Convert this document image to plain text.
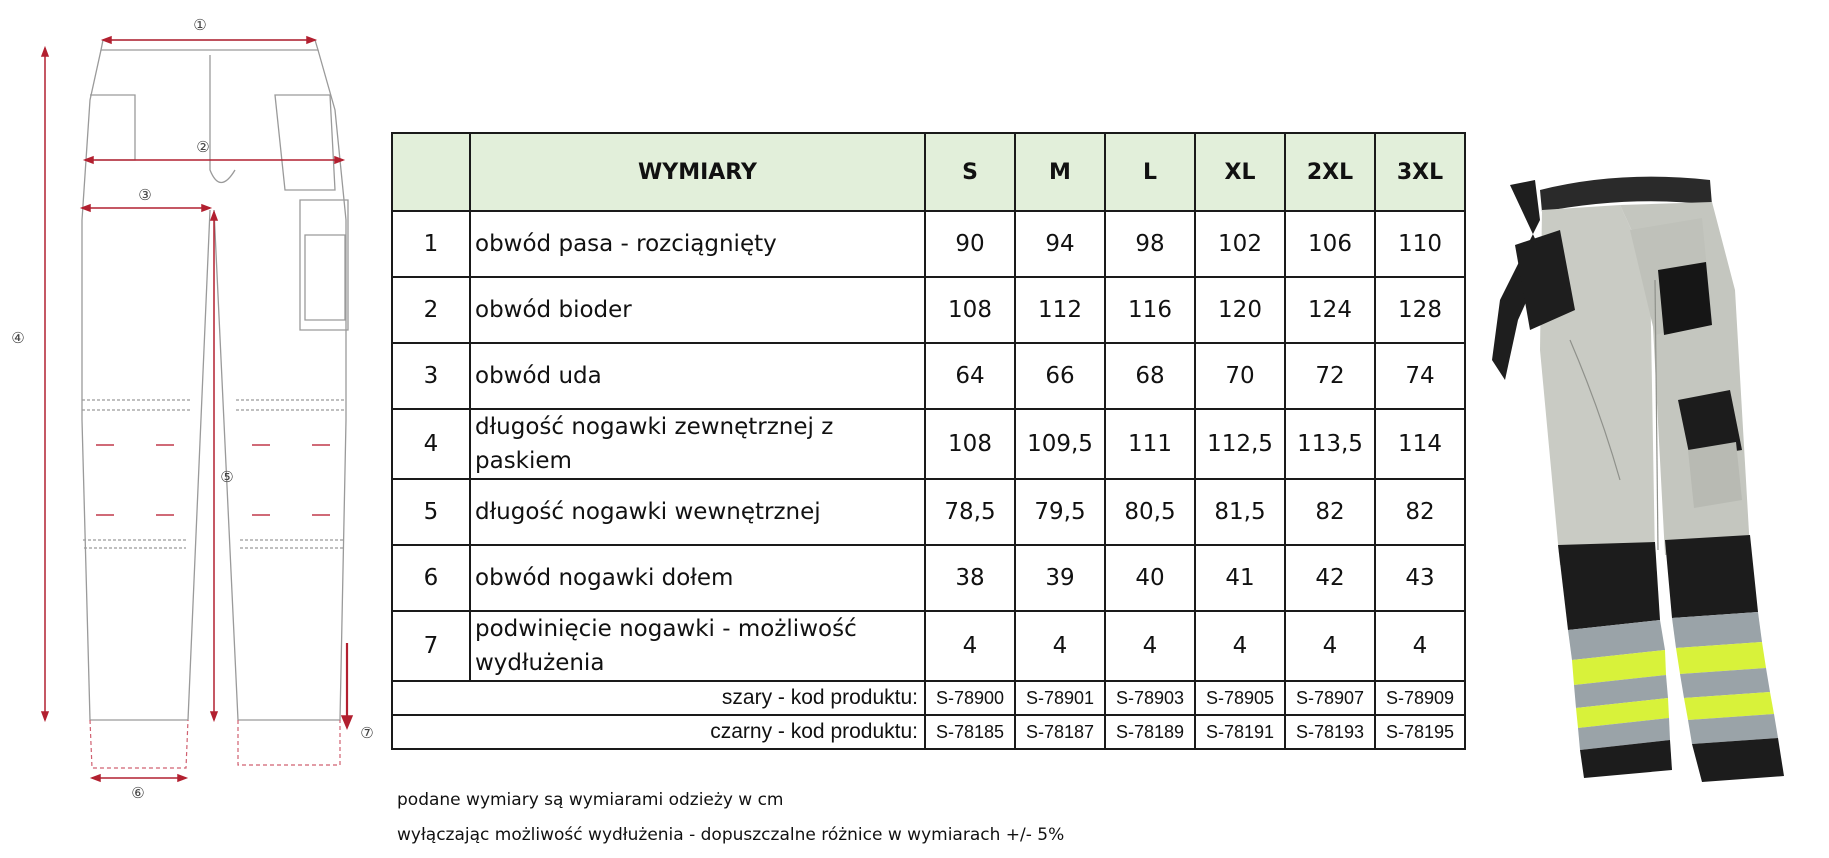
①
②
③
④
⑤
⑥
⑦
	WYMIARY	S	M	L	XL	2XL	3XL
1	obwód pasa - rozciągnięty	90	94	98	102	106	110
2	obwód bioder	108	112	116	120	124	128
3	obwód uda	64	66	68	70	72	74
4	długość nogawki zewnętrznej z paskiem	108	109,5	111	112,5	113,5	114
5	długość nogawki wewnętrznej	78,5	79,5	80,5	81,5	82	82
6	obwód nogawki dołem	38	39	40	41	42	43
7	podwinięcie nogawki - możliwość wydłużenia	4	4	4	4	4	4
szary - kod produktu:		S-78900	S-78901	S-78903	S-78905	S-78907	S-78909
czarny - kod produktu:		S-78185	S-78187	S-78189	S-78191	S-78193	S-78195
podane wymiary są wymiarami odzieży w cm
wyłączając możliwość wydłużenia - dopuszczalne różnice w wymiarach +/- 5%
